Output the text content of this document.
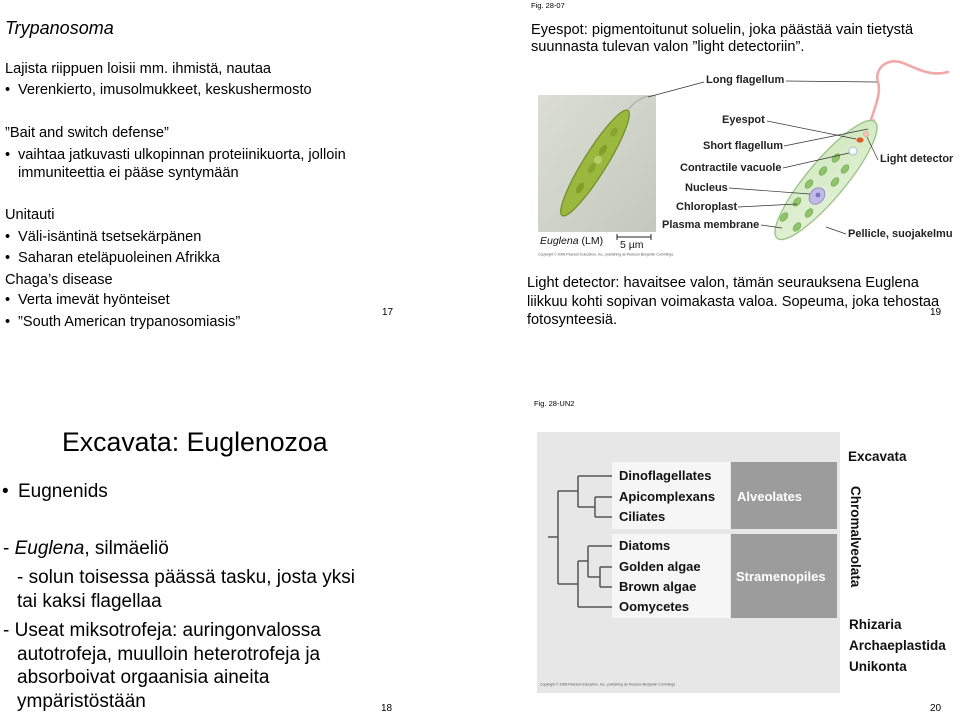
Trypanosoma
Lajista riippuen loisii mm. ihmistä, nautaa
• Verenkierto, imusolmukkeet, keskushermosto
”Bait and switch defense”
• vaihtaa jatkuvasti ulkopinnan proteiinikuorta, jolloin
immuniteettia ei pääse syntymään
Unitauti
• Väli-isäntinä tsetsekärpänen
• Saharan eteläpuoleinen Afrikka
Chaga’s disease
• Verta imevät hyönteiset
• ”South American trypanosomiasis”
17
Fig. 28-07
Eyespot: pigmentoitunut soluelin, joka päästää vain tietystä
suunnasta tulevan valon ”light detectoriin”.
Euglena (LM) 5 µm
Copyright © 2008 Pearson Education, Inc., publishing as Pearson Benjamin Cummings.
Long flagellum
Eyespot
Short flagellum
Contractile vacuole
Nucleus
Chloroplast
Plasma membrane
Light detector
Pellicle, suojakelmu
Light detector: havaitsee valon, tämän seurauksena Euglena
liikkuu kohti sopivan voimakasta valoa. Sopeuma, joka tehostaa
fotosynteesiä.	19
Excavata: Euglenozoa
• Eugnenids
- Euglena, silmäeliö
- solun toisessa päässä tasku, josta yksi
tai kaksi flagellaa
- Useat miksotrofeja: auringonvalossa
autotrofeja, muulloin heterotrofeja ja
absorboivat orgaanisia aineita
ympäristöstään	18
Fig. 28-UN2
Dinoflagellates
Apicomplexans
Ciliates
Diatoms
Golden algae
Brown algae
Oomycetes
Alveolates
Stramenopiles
Excavata
Chromalveolata
Rhizaria
Archaeplastida
Unikonta
Copyright © 2008 Pearson Education, Inc., publishing as Pearson Benjamin Cummings.
20
